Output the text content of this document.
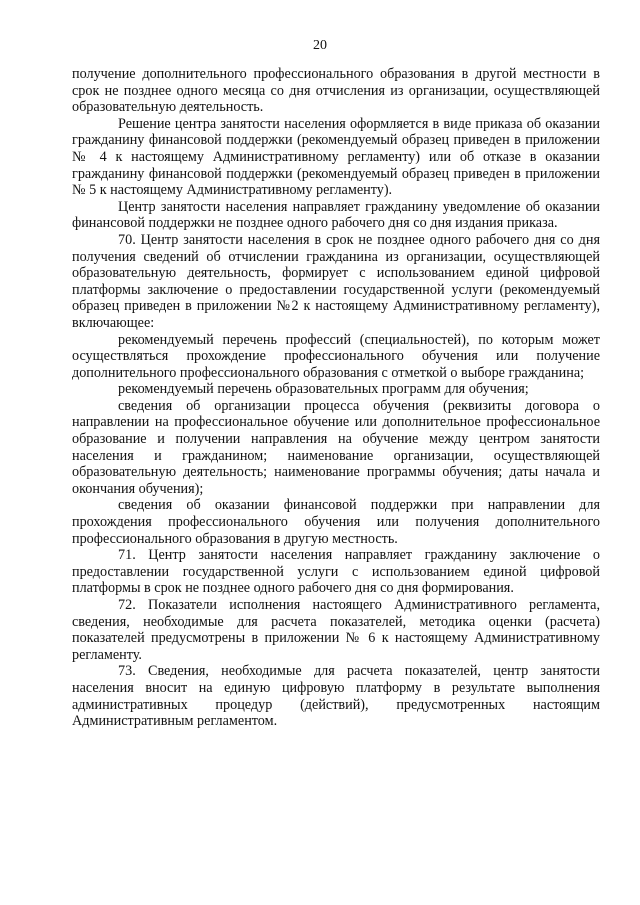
20

получение дополнительного профессионального образования в другой местности в срок не позднее одного месяца со дня отчисления из организации, осуществляющей образовательную деятельность.

Решение центра занятости населения оформляется в виде приказа об оказании гражданину финансовой поддержки (рекомендуемый образец приведен в приложении № 4 к настоящему Административному регламенту) или об отказе в оказании гражданину финансовой поддержки (рекомендуемый образец приведен в приложении № 5 к настоящему Административному регламенту).

Центр занятости населения направляет гражданину уведомление об оказании финансовой поддержки не позднее одного рабочего дня со дня издания приказа.

70. Центр занятости населения в срок не позднее одного рабочего дня со дня получения сведений об отчислении гражданина из организации, осуществляющей образовательную деятельность, формирует с использованием единой цифровой платформы заключение о предоставлении государственной услуги (рекомендуемый образец приведен в приложении №2 к настоящему Административному регламенту), включающее:

рекомендуемый перечень профессий (специальностей), по которым может осуществляться прохождение профессионального обучения или получение дополнительного профессионального образования с отметкой о выборе гражданина;

рекомендуемый перечень образовательных программ для обучения;

сведения об организации процесса обучения (реквизиты договора о направлении на профессиональное обучение или дополнительное профессиональное образование и получении направления на обучение между центром занятости населения и гражданином; наименование организации, осуществляющей образовательную деятельность; наименование программы обучения; даты начала и окончания обучения);

сведения об оказании финансовой поддержки при направлении для прохождения профессионального обучения или получения дополнительного профессионального образования в другую местность.

71. Центр занятости населения направляет гражданину заключение о предоставлении государственной услуги с использованием единой цифровой платформы в срок не позднее одного рабочего дня со дня формирования.

72. Показатели исполнения настоящего Административного регламента, сведения, необходимые для расчета показателей, методика оценки (расчета) показателей предусмотрены в приложении № 6 к настоящему Административному регламенту.

73. Сведения, необходимые для расчета показателей, центр занятости населения вносит на единую цифровую платформу в результате выполнения административных процедур (действий), предусмотренных настоящим Административным регламентом.
